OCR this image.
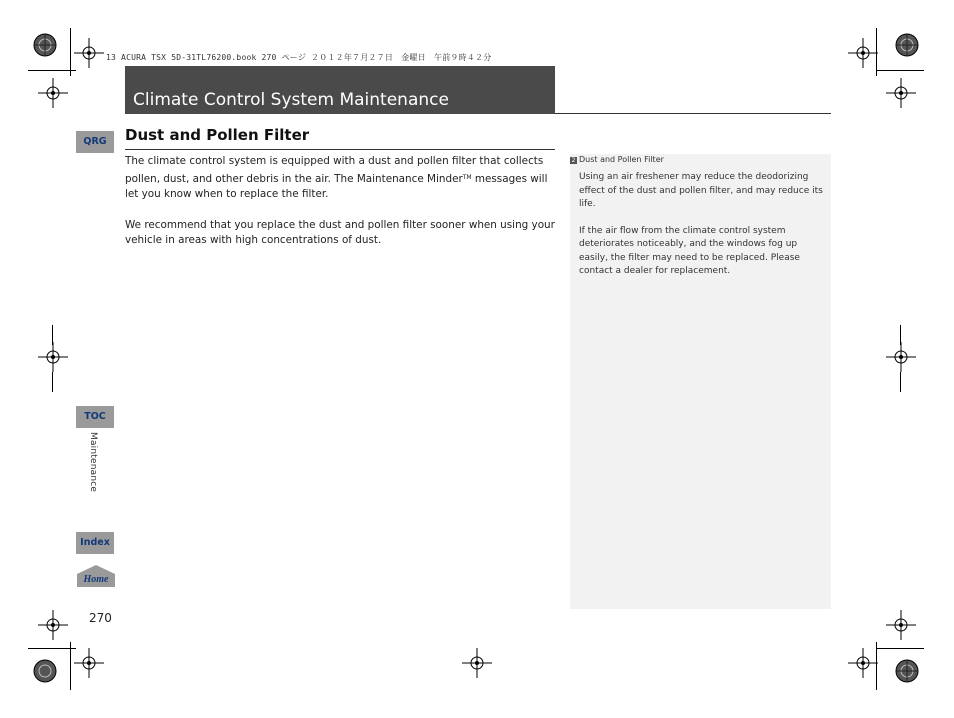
13 ACURA TSX 5D-31TL76200.book 270 ページ ２０１２年７月２７日　金曜日　午前９時４２分
Climate Control System Maintenance
Dust and Pollen Filter

The climate control system is equipped with a dust and pollen filter that collects pollen, dust, and other debris in the air. The Maintenance Minder™ messages will let you know when to replace the filter.

We recommend that you replace the dust and pollen filter sooner when using your vehicle in areas with high concentrations of dust.

2 Dust and Pollen Filter

Using an air freshener may reduce the deodorizing effect of the dust and pollen filter, and may reduce its life.

If the air flow from the climate control system deteriorates noticeably, and the windows fog up easily, the filter may need to be replaced. Please contact a dealer for replacement.

QRG
TOC
Maintenance
Index
Home
270
